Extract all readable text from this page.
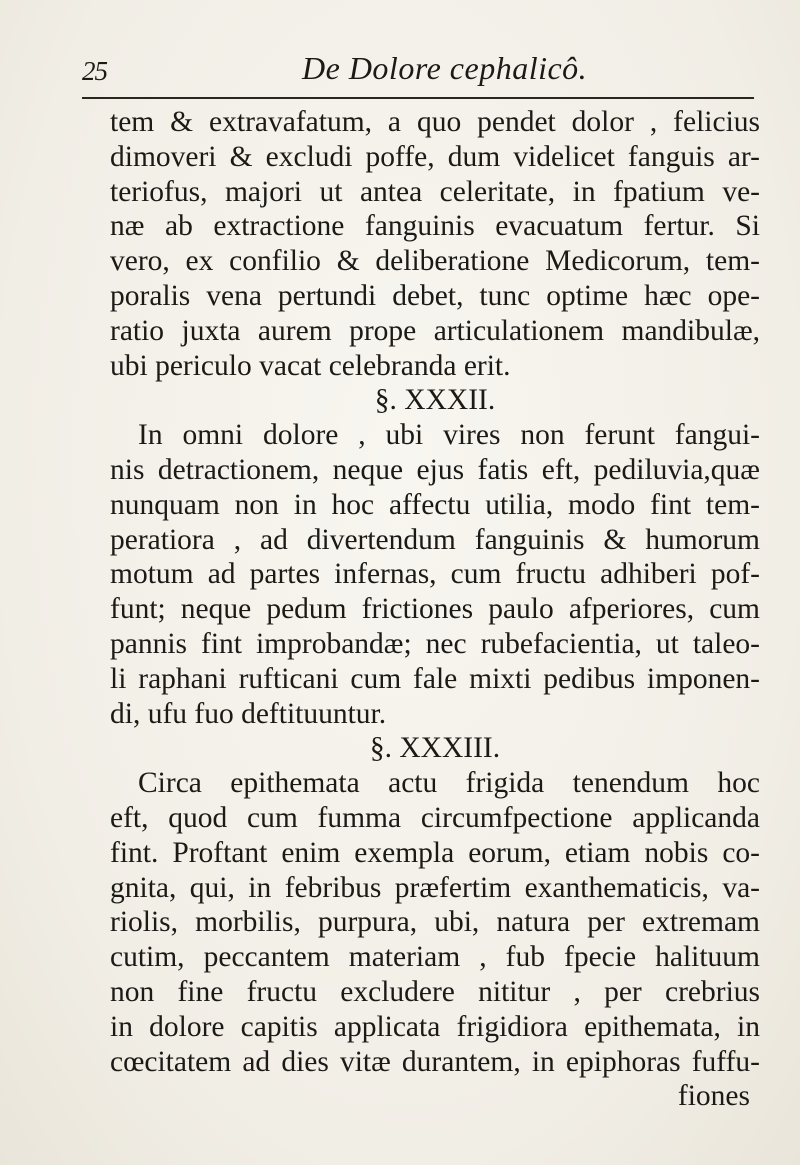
25	De Dolore cephalicô.
tem & extravafatum, a quo pendet dolor , felicius
dimoveri & excludi poffe, dum videlicet fanguis ar-
teriofus, majori ut antea celeritate, in fpatium ve-
næ ab extractione fanguinis evacuatum fertur. Si
vero, ex confilio & deliberatione Medicorum, tem-
poralis vena pertundi debet, tunc optime hæc ope-
ratio juxta aurem prope articulationem mandibulæ,
ubi periculo vacat celebranda erit.
§. XXXII.
In omni dolore , ubi vires non ferunt fangui-
nis detractionem, neque ejus fatis eft, pediluvia,quæ
nunquam non in hoc affectu utilia, modo fint tem-
peratiora , ad divertendum fanguinis & humorum
motum ad partes infernas, cum fructu adhiberi pof-
funt; neque pedum frictiones paulo afperiores, cum
pannis fint improbandæ; nec rubefacientia, ut taleo-
li raphani rufticani cum fale mixti pedibus imponen-
di, ufu fuo deftituuntur.
§. XXXIII.
Circa epithemata actu frigida tenendum hoc
eft, quod cum fumma circumfpectione applicanda
fint. Proftant enim exempla eorum, etiam nobis co-
gnita, qui, in febribus præfertim exanthematicis, va-
riolis, morbilis, purpura, ubi, natura per extremam
cutim, peccantem materiam , fub fpecie halituum
non fine fructu excludere nititur , per crebrius
in dolore capitis applicata frigidiora epithemata, in
cœcitatem ad dies vitæ durantem, in epiphoras fuffu-
fiones
